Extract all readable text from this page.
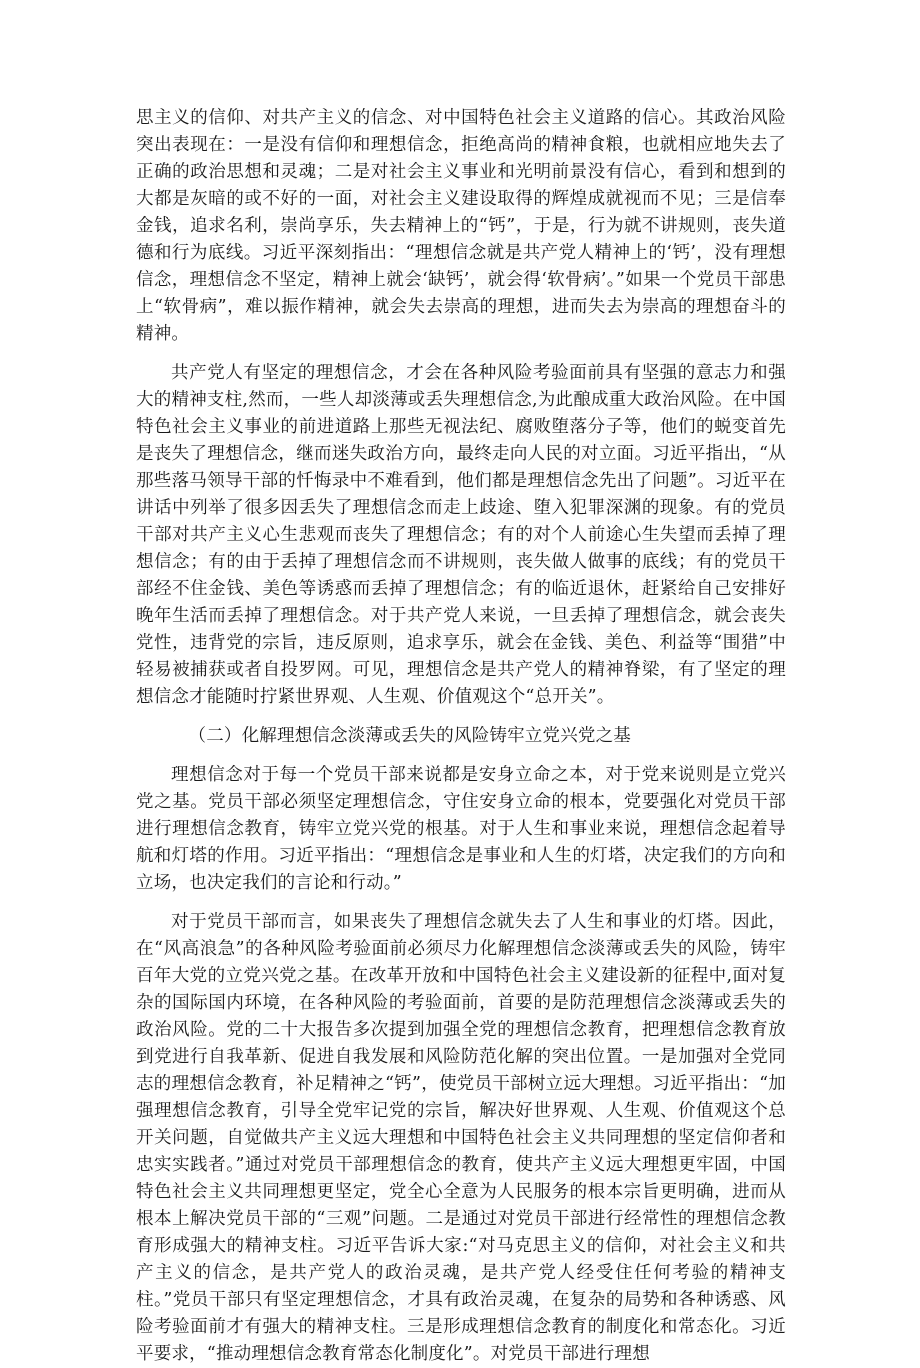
思主义的信仰、对共产主义的信念、对中国特色社会主义道路的信心。其政治风险突出表现在：一是没有信仰和理想信念，拒绝高尚的精神食粮，也就相应地失去了正确的政治思想和灵魂；二是对社会主义事业和光明前景没有信心，看到和想到的大都是灰暗的或不好的一面，对社会主义建设取得的辉煌成就视而不见；三是信奉金钱，追求名利，崇尚享乐，失去精神上的“钙”，于是，行为就不讲规则，丧失道德和行为底线。习近平深刻指出：“理想信念就是共产党人精神上的‘钙’，没有理想信念，理想信念不坚定，精神上就会‘缺钙’，就会得‘软骨病’。”如果一个党员干部患上“软骨病”，难以振作精神，就会失去崇高的理想，进而失去为崇高的理想奋斗的精神。

共产党人有坚定的理想信念，才会在各种风险考验面前具有坚强的意志力和强大的精神支柱,然而，一些人却淡薄或丢失理想信念,为此酿成重大政治风险。在中国特色社会主义事业的前进道路上那些无视法纪、腐败堕落分子等，他们的蜕变首先是丧失了理想信念，继而迷失政治方向，最终走向人民的对立面。习近平指出，“从那些落马领导干部的忏悔录中不难看到，他们都是理想信念先出了问题”。习近平在讲话中列举了很多因丢失了理想信念而走上歧途、堕入犯罪深渊的现象。有的党员干部对共产主义心生悲观而丧失了理想信念；有的对个人前途心生失望而丢掉了理想信念；有的由于丢掉了理想信念而不讲规则，丧失做人做事的底线；有的党员干部经不住金钱、美色等诱惑而丢掉了理想信念；有的临近退休，赶紧给自己安排好晚年生活而丢掉了理想信念。对于共产党人来说，一旦丢掉了理想信念，就会丧失党性，违背党的宗旨，违反原则，追求享乐，就会在金钱、美色、利益等“围猎”中轻易被捕获或者自投罗网。可见，理想信念是共产党人的精神脊梁，有了坚定的理想信念才能随时拧紧世界观、人生观、价值观这个“总开关”。

（二）化解理想信念淡薄或丢失的风险铸牢立党兴党之基

理想信念对于每一个党员干部来说都是安身立命之本，对于党来说则是立党兴党之基。党员干部必须坚定理想信念，守住安身立命的根本，党要强化对党员干部进行理想信念教育，铸牢立党兴党的根基。对于人生和事业来说，理想信念起着导航和灯塔的作用。习近平指出：“理想信念是事业和人生的灯塔，决定我们的方向和立场，也决定我们的言论和行动。”

对于党员干部而言，如果丧失了理想信念就失去了人生和事业的灯塔。因此，在“风高浪急”的各种风险考验面前必须尽力化解理想信念淡薄或丢失的风险，铸牢百年大党的立党兴党之基。在改革开放和中国特色社会主义建设新的征程中,面对复杂的国际国内环境，在各种风险的考验面前，首要的是防范理想信念淡薄或丢失的政治风险。党的二十大报告多次提到加强全党的理想信念教育，把理想信念教育放到党进行自我革新、促进自我发展和风险防范化解的突出位置。一是加强对全党同志的理想信念教育，补足精神之“钙”，使党员干部树立远大理想。习近平指出：“加强理想信念教育，引导全党牢记党的宗旨，解决好世界观、人生观、价值观这个总开关问题，自觉做共产主义远大理想和中国特色社会主义共同理想的坚定信仰者和忠实实践者。”通过对党员干部理想信念的教育，使共产主义远大理想更牢固，中国特色社会主义共同理想更坚定，党全心全意为人民服务的根本宗旨更明确，进而从根本上解决党员干部的“三观”问题。二是通过对党员干部进行经常性的理想信念教育形成强大的精神支柱。习近平告诉大家:“对马克思主义的信仰，对社会主义和共产主义的信念，是共产党人的政治灵魂，是共产党人经受住任何考验的精神支柱。”党员干部只有坚定理想信念，才具有政治灵魂，在复杂的局势和各种诱惑、风险考验面前才有强大的精神支柱。三是形成理想信念教育的制度化和常态化。习近平要求，“推动理想信念教育常态化制度化”。对党员干部进行理想
